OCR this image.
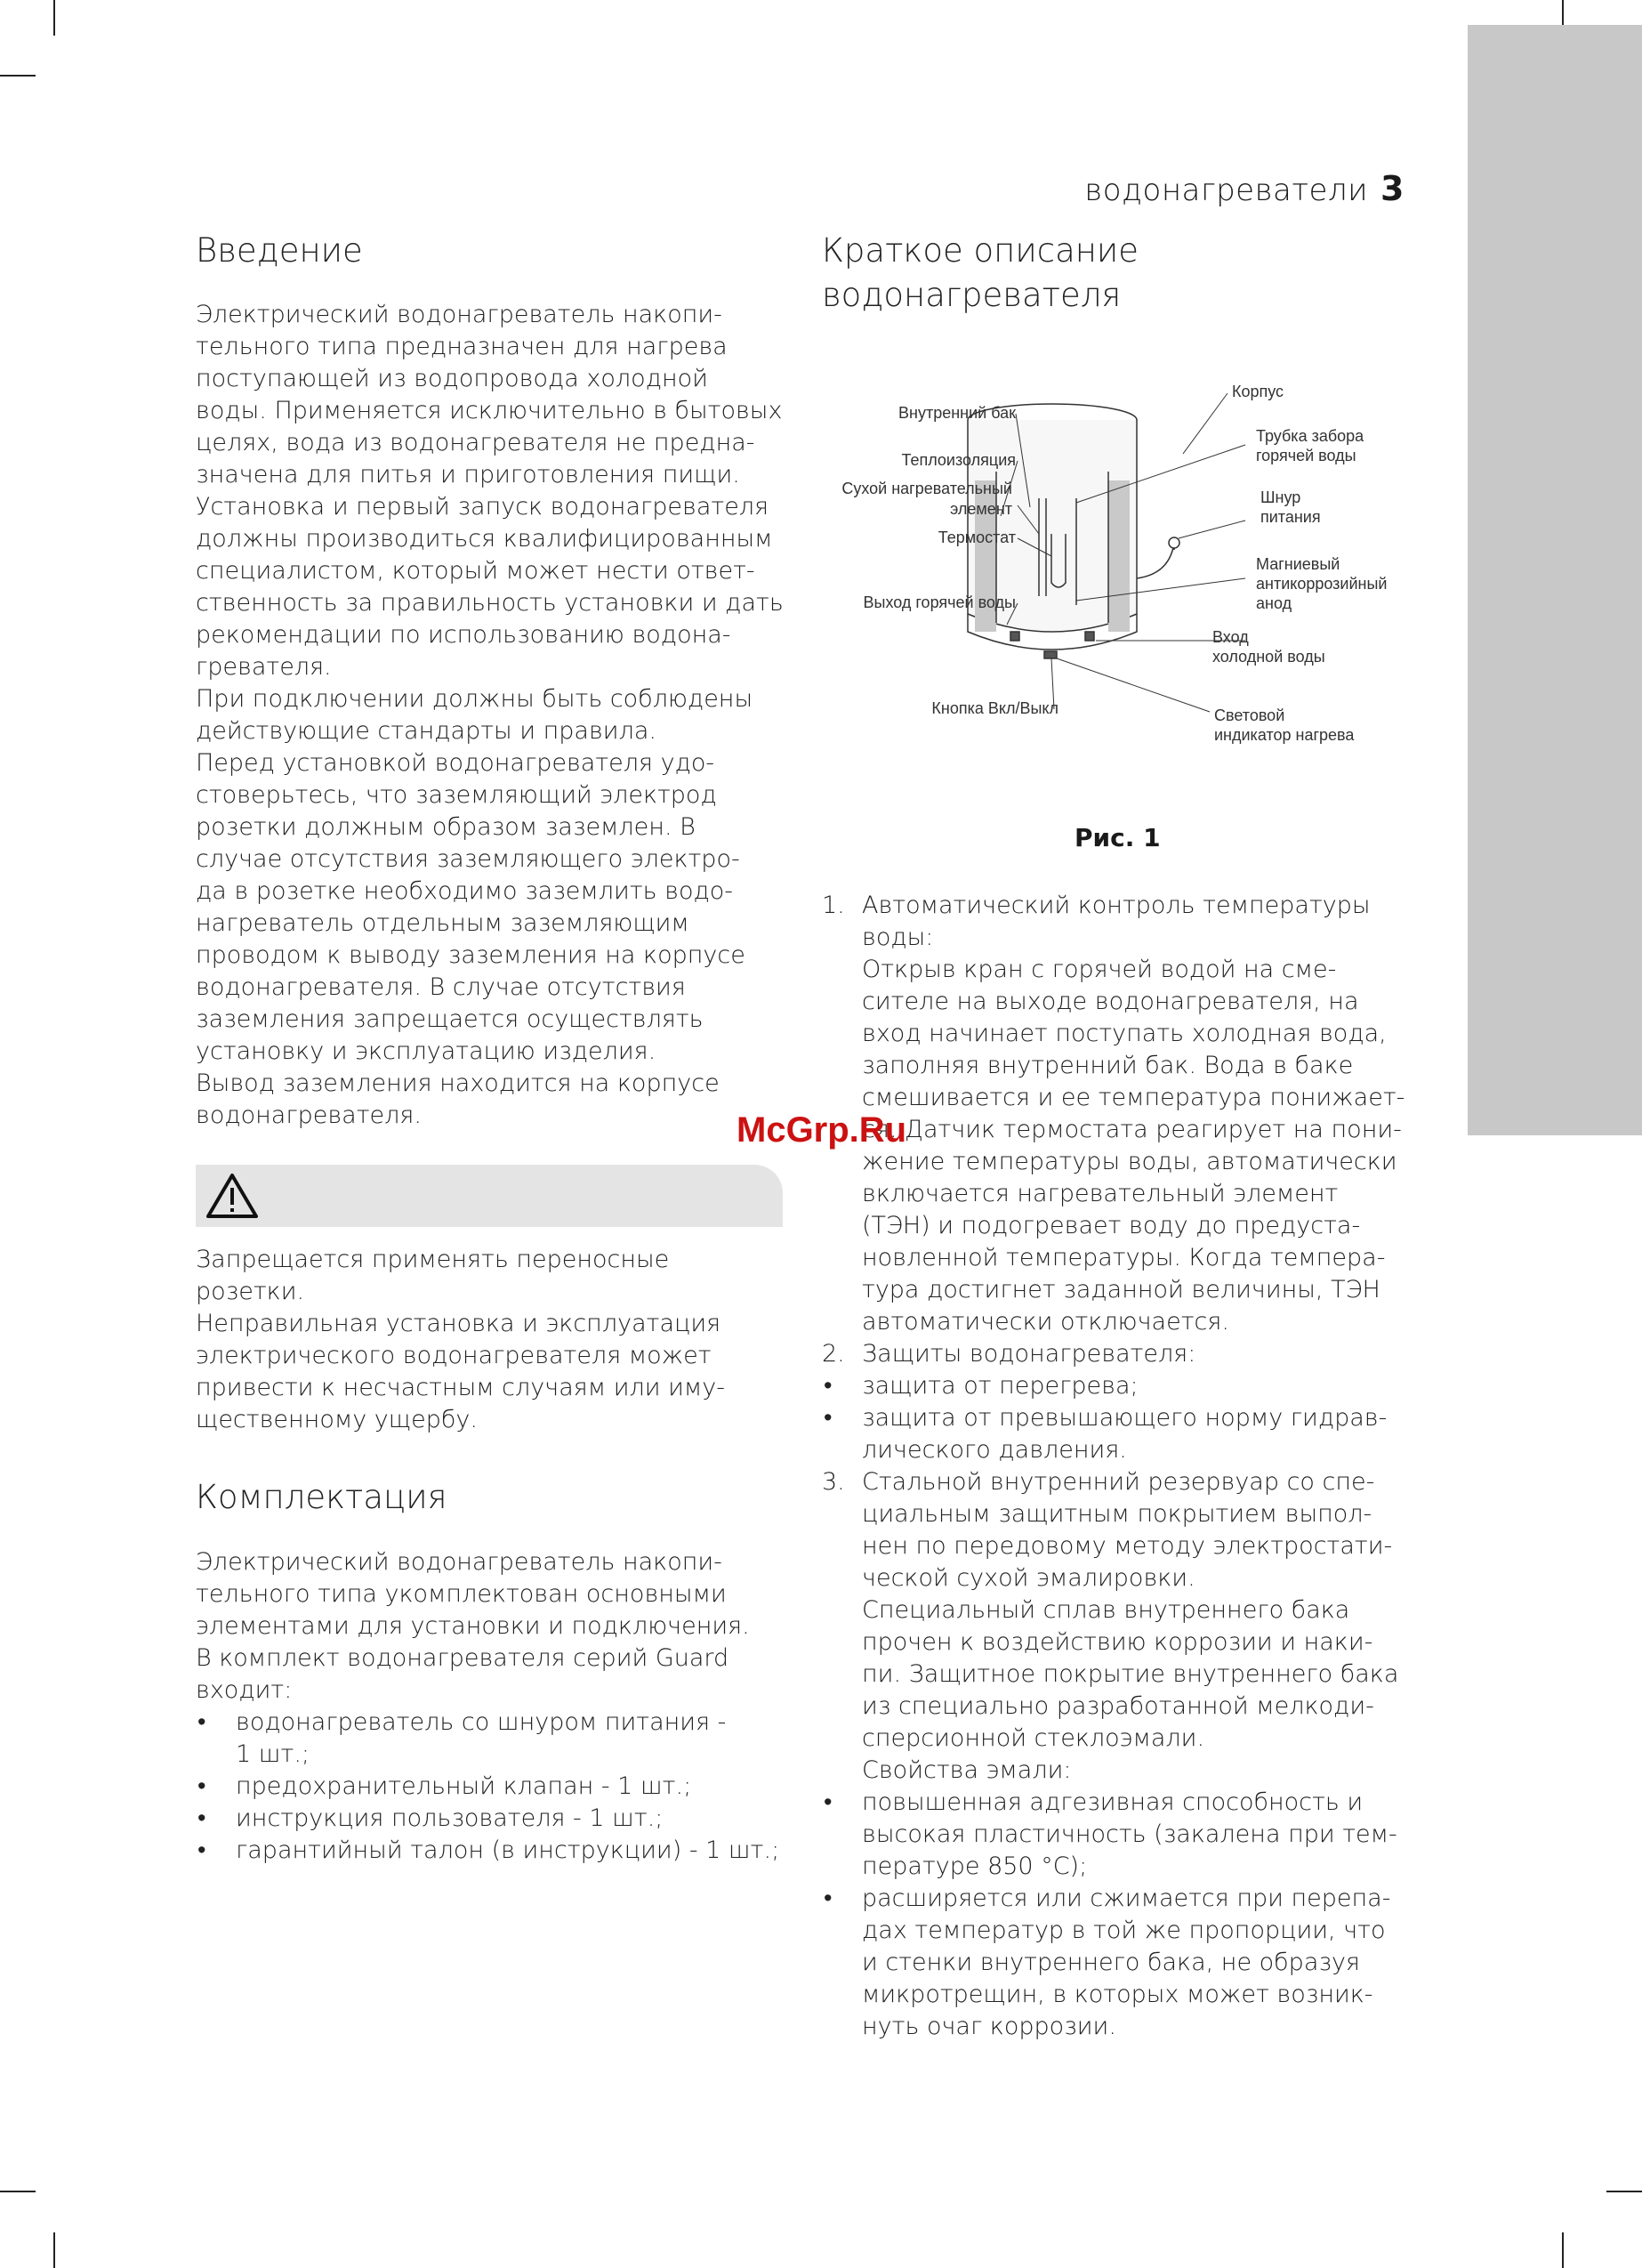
водонагреватели 3
Введение
Электрический водонагреватель накопи-
тельного типа предназначен для нагрева
поступающей из водопровода холодной
воды. Применяется исключительно в бытовых
целях, вода из водонагревателя не предна-
значена для питья и приготовления пищи.
Установка и первый запуск водонагревателя
должны производиться квалифицированным
специалистом, который может нести ответ-
ственность за правильность установки и дать
рекомендации по использованию водона-
гревателя.
При подключении должны быть соблюдены
действующие стандарты и правила.
Перед установкой водонагревателя удо-
стоверьтесь, что заземляющий электрод
розетки должным образом заземлен. В
случае отсутствия заземляющего электро-
да в розетке необходимо заземлить водо-
нагреватель отдельным заземляющим
проводом к выводу заземления на корпусе
водонагревателя. В случае отсутствия
заземления запрещается осуществлять
установку и эксплуатацию изделия.
Вывод заземления находится на корпусе
водонагревателя.
Запрещается применять переносные
розетки.
Неправильная установка и эксплуатация
электрического водонагревателя может
привести к несчастным случаям или иму-
щественному ущербу.
Комплектация
Электрический водонагреватель накопи-
тельного типа укомплектован основными
элементами для установки и подключения.
В комплект водонагревателя серий Guard
входит:
• водонагреватель со шнуром питания -
1 шт.;
• предохранительный клапан - 1 шт.;
• инструкция пользователя - 1 шт.;
• гарантийный талон (в инструкции) - 1 шт.;
Краткое описание
водонагревателя
Внутренний бак
Теплоизоляция
Сухой нагревательный
элемент
Термостат
Выход горячей воды
Кнопка Вкл/Выкл
Корпус
Трубка забора
горячей воды
Шнур
питания
Магниевый
антикоррозийный
анод
Вход
холодной воды
Световой
индикатор нагрева
Рис. 1
1. Автоматический контроль температуры
воды:
Открыв кран с горячей водой на сме-
сителе на выходе водонагревателя, на
вход начинает поступать холодная вода,
заполняя внутренний бак. Вода в баке
смешивается и ее температура понижает-
ся. Датчик термостата реагирует на пони-
жение температуры воды, автоматически
включается нагревательный элемент
(ТЭН) и подогревает воду до предуста-
новленной температуры. Когда темпера-
тура достигнет заданной величины, ТЭН
автоматически отключается.
2. Защиты водонагревателя:
• защита от перегрева;
• защита от превышающего норму гидрав-
лического давления.
3. Стальной внутренний резервуар со спе-
циальным защитным покрытием выпол-
нен по передовому методу электростати-
ческой сухой эмалировки.
Специальный сплав внутреннего бака
прочен к воздействию коррозии и наки-
пи. Защитное покрытие внутреннего бака
из специально разработанной мелкоди-
сперсионной стеклоэмали.
Свойства эмали:
• повышенная адгезивная способность и
высокая пластичность (закалена при тем-
пературе 850 °С);
• расширяется или сжимается при перепа-
дах температур в той же пропорции, что
и стенки внутреннего бака, не образуя
микротрещин, в которых может возник-
нуть очаг коррозии.
McGrp.Ru
